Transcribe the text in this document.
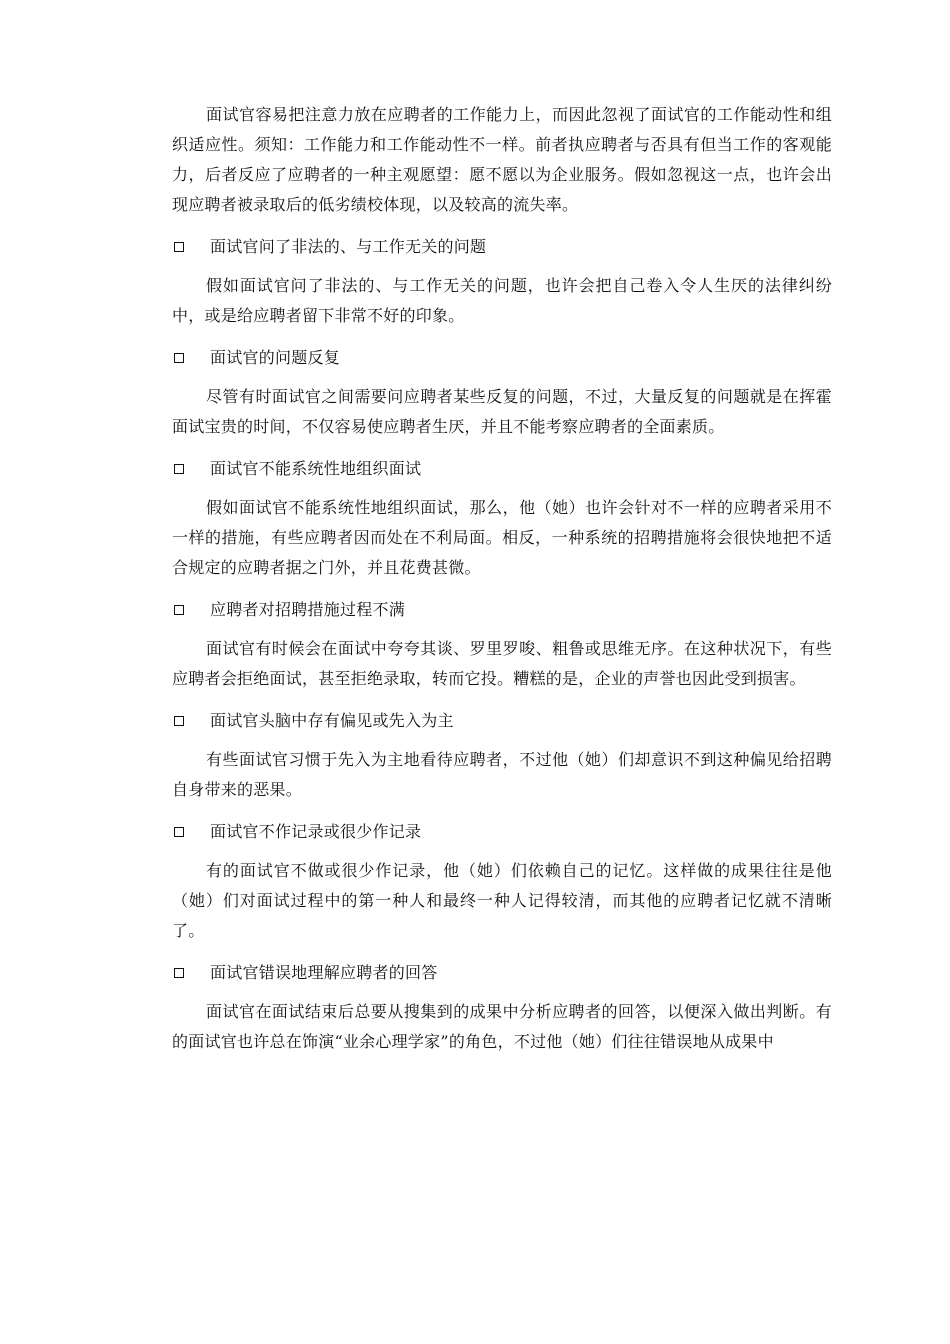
面试官容易把注意力放在应聘者的工作能力上，而因此忽视了面试官的工作能动性和组织适应性。须知：工作能力和工作能动性不一样。前者执应聘者与否具有但当工作的客观能力，后者反应了应聘者的一种主观愿望：愿不愿以为企业服务。假如忽视这一点，也许会出现应聘者被录取后的低劣绩校体现，以及较高的流失率。

面试官问了非法的、与工作无关的问题

假如面试官问了非法的、与工作无关的问题，也许会把自己卷入令人生厌的法律纠纷中，或是给应聘者留下非常不好的印象。

面试官的问题反复

尽管有时面试官之间需要问应聘者某些反复的问题，不过，大量反复的问题就是在挥霍面试宝贵的时间，不仅容易使应聘者生厌，并且不能考察应聘者的全面素质。

面试官不能系统性地组织面试

假如面试官不能系统性地组织面试，那么，他（她）也许会针对不一样的应聘者采用不一样的措施，有些应聘者因而处在不利局面。相反，一种系统的招聘措施将会很快地把不适合规定的应聘者据之门外，并且花费甚微。

应聘者对招聘措施过程不满

面试官有时候会在面试中夸夸其谈、罗里罗唆、粗鲁或思维无序。在这种状况下，有些应聘者会拒绝面试，甚至拒绝录取，转而它投。糟糕的是，企业的声誉也因此受到损害。

面试官头脑中存有偏见或先入为主

有些面试官习惯于先入为主地看待应聘者，不过他（她）们却意识不到这种偏见给招聘自身带来的恶果。

面试官不作记录或很少作记录

有的面试官不做或很少作记录，他（她）们依赖自己的记忆。这样做的成果往往是他（她）们对面试过程中的第一种人和最终一种人记得较清，而其他的应聘者记忆就不清晰了。

面试官错误地理解应聘者的回答

面试官在面试结束后总要从搜集到的成果中分析应聘者的回答，以便深入做出判断。有的面试官也许总在饰演“业余心理学家”的角色，不过他（她）们往往错误地从成果中
